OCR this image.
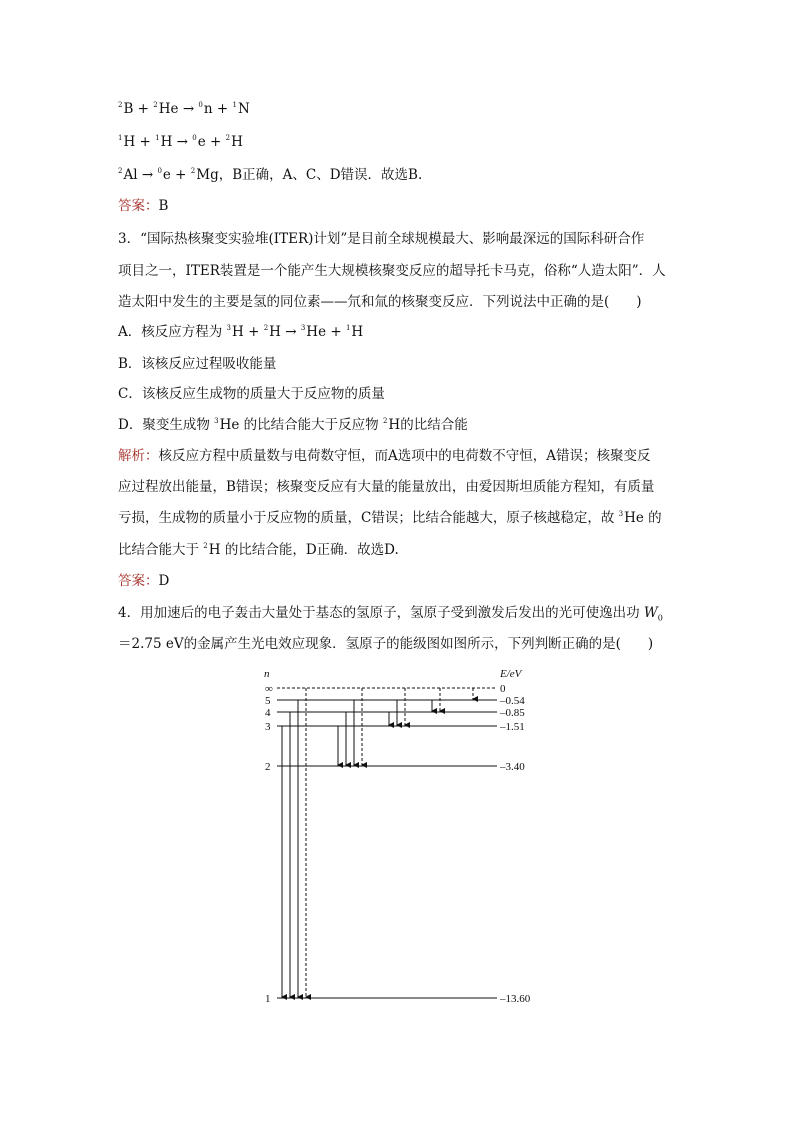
$^2$B + $^2$He → $^0$n + $^1$N
$^1$H + $^1$H → $^0$e + $^2$H
$^2$Al → $^0$e + $^2$Mg，B正确，A、C、D错误．故选B.
答案：B
3．“国际热核聚变实验堆(ITER)计划”是目前全球规模最大、影响最深远的国际科研合作
项目之一，ITER装置是一个能产生大规模核聚变反应的超导托卡马克，俗称“人造太阳”．人
造太阳中发生的主要是氢的同位素——氘和氚的核聚变反应．下列说法中正确的是(　　)
A．核反应方程为 $^3$H + $^2$H → $^3$He + $^1$H
B．该核反应过程吸收能量
C．该核反应生成物的质量大于反应物的质量
D．聚变生成物 $^3$He 的比结合能大于反应物 $^2$H的比结合能
解析：核反应方程中质量数与电荷数守恒，而A选项中的电荷数不守恒，A错误；核聚变反
应过程放出能量，B错误；核聚变反应有大量的能量放出，由爱因斯坦质能方程知，有质量
亏损，生成物的质量小于反应物的质量，C错误；比结合能越大，原子核越稳定，故 $^3$He 的
比结合能大于 $^2$H 的比结合能，D正确．故选D.
答案：D
4．用加速后的电子轰击大量处于基态的氢原子，氢原子受到激发后发出的光可使逸出功 $W_0$
＝2.75 eV的金属产生光电效应现象．氢原子的能级图如图所示，下列判断正确的是(　　)
n	E/eV
∞	0
5	–0.54
4	–0.85
3	–1.51
2	–3.40
1	–13.60
